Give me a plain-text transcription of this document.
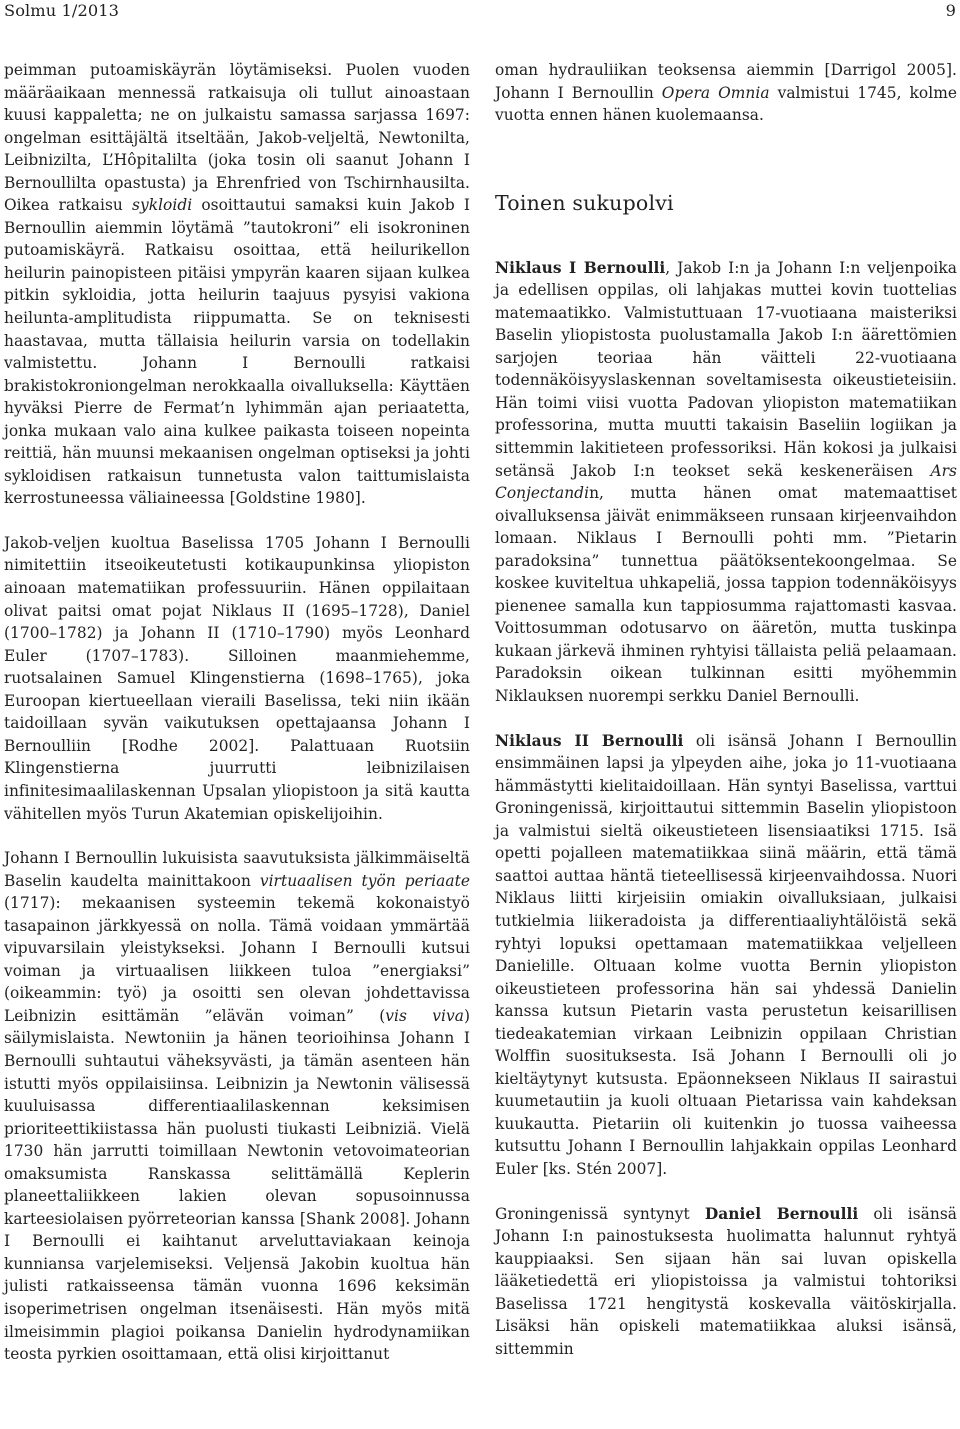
Solmu 1/2013	9

peimman putoamiskäyrän löytämiseksi. Puolen vuoden määräaikaan mennessä ratkaisuja oli tullut ainoastaan kuusi kappaletta; ne on julkaistu samassa sarjassa 1697: ongelman esittäjältä itseltään, Jakob-veljeltä, Newtonilta, Leibnizilta, L’Hôpitalilta (joka tosin oli saanut Johann I Bernoullilta opastusta) ja Ehrenfried von Tschirnhausilta. Oikea ratkaisu sykloidi osoittautui samaksi kuin Jakob I Bernoullin aiemmin löytämä ”tautokroni” eli isokroninen putoamiskäyrä. Ratkaisu osoittaa, että heilurikellon heilurin painopisteen pitäisi ympyrän kaaren sijaan kulkea pitkin sykloidia, jotta heilurin taajuus pysyisi vakiona heilunta-amplitudista riippumatta. Se on teknisesti haastavaa, mutta tällaisia heilurin varsia on todellakin valmistettu. Johann I Bernoulli ratkaisi brakistokroniongelman nerokkaalla oivalluksella: Käyttäen hyväksi Pierre de Fermat’n lyhimmän ajan periaatetta, jonka mukaan valo aina kulkee paikasta toiseen nopeinta reittiä, hän muunsi mekaanisen ongelman optiseksi ja johti sykloidisen ratkaisun tunnetusta valon taittumislaista kerrostuneessa väliaineessa [Goldstine 1980].

Jakob-veljen kuoltua Baselissa 1705 Johann I Bernoulli nimitettiin itseoikeutetusti kotikaupunkinsa yliopiston ainoaan matematiikan professuuriin. Hänen oppilaitaan olivat paitsi omat pojat Niklaus II (1695–1728), Daniel (1700–1782) ja Johann II (1710–1790) myös Leonhard Euler (1707–1783). Silloinen maanmiehemme, ruotsalainen Samuel Klingenstierna (1698–1765), joka Euroopan kiertueellaan vieraili Baselissa, teki niin ikään taidoillaan syvän vaikutuksen opettajaansa Johann I Bernoulliin [Rodhe 2002]. Palattuaan Ruotsiin Klingenstierna juurrutti leibnizilaisen infinitesimaalilaskennan Upsalan yliopistoon ja sitä kautta vähitellen myös Turun Akatemian opiskelijoihin.

Johann I Bernoullin lukuisista saavutuksista jälkimmäiseltä Baselin kaudelta mainittakoon virtuaalisen työn periaate (1717): mekaanisen systeemin tekemä kokonaistyö tasapainon järkkyessä on nolla. Tämä voidaan ymmärtää vipuvarsilain yleistykseksi. Johann I Bernoulli kutsui voiman ja virtuaalisen liikkeen tuloa ”energiaksi” (oikeammin: työ) ja osoitti sen olevan johdettavissa Leibnizin esittämän ”elävän voiman” (vis viva) säilymislaista. Newtoniin ja hänen teorioihinsa Johann I Bernoulli suhtautui väheksyvästi, ja tämän asenteen hän istutti myös oppilaisiinsa. Leibnizin ja Newtonin välisessä kuuluisassa differentiaalilaskennan keksimisen prioriteettikiistassa hän puolusti tiukasti Leibniziä. Vielä 1730 hän jarrutti toimillaan Newtonin vetovoimateorian omaksumista Ranskassa selittämällä Keplerin planeettaliikkeen lakien olevan sopusoinnussa karteesiolaisen pyörreteorian kanssa [Shank 2008]. Johann I Bernoulli ei kaihtanut arveluttaviakaan keinoja kunniansa varjelemiseksi. Veljensä Jakobin kuoltua hän julisti ratkaisseensa tämän vuonna 1696 keksimän isoperimetrisen ongelman itsenäisesti. Hän myös mitä ilmeisimmin plagioi poikansa Danielin hydrodynamiikan teosta pyrkien osoittamaan, että olisi kirjoittanut

oman hydrauliikan teoksensa aiemmin [Darrigol 2005]. Johann I Bernoullin Opera Omnia valmistui 1745, kolme vuotta ennen hänen kuolemaansa.

Toinen sukupolvi

Niklaus I Bernoulli, Jakob I:n ja Johann I:n veljenpoika ja edellisen oppilas, oli lahjakas muttei kovin tuottelias matemaatikko. Valmistuttuaan 17-vuotiaana maisteriksi Baselin yliopistosta puolustamalla Jakob I:n äärettömien sarjojen teoriaa hän väitteli 22-vuotiaana todennäköisyyslaskennan soveltamisesta oikeustieteisiin. Hän toimi viisi vuotta Padovan yliopiston matematiikan professorina, mutta muutti takaisin Baseliin logiikan ja sittemmin lakitieteen professoriksi. Hän kokosi ja julkaisi setänsä Jakob I:n teokset sekä keskeneräisen Ars Conjectandin, mutta hänen omat matemaattiset oivalluksensa jäivät enimmäkseen runsaan kirjeenvaihdon lomaan. Niklaus I Bernoulli pohti mm. ”Pietarin paradoksina” tunnettua päätöksentekoongelmaa. Se koskee kuviteltua uhkapeliä, jossa tappion todennäköisyys pienenee samalla kun tappiosumma rajattomasti kasvaa. Voittosumman odotusarvo on ääretön, mutta tuskinpa kukaan järkevä ihminen ryhtyisi tällaista peliä pelaamaan. Paradoksin oikean tulkinnan esitti myöhemmin Niklauksen nuorempi serkku Daniel Bernoulli.

Niklaus II Bernoulli oli isänsä Johann I Bernoullin ensimmäinen lapsi ja ylpeyden aihe, joka jo 11-vuotiaana hämmästytti kielitaidoillaan. Hän syntyi Baselissa, varttui Groningenissä, kirjoittautui sittemmin Baselin yliopistoon ja valmistui sieltä oikeustieteen lisensiaatiksi 1715. Isä opetti pojalleen matematiikkaa siinä määrin, että tämä saattoi auttaa häntä tieteellisessä kirjeenvaihdossa. Nuori Niklaus liitti kirjeisiin omiakin oivalluksiaan, julkaisi tutkielmia liikeradoista ja differentiaaliyhtälöistä sekä ryhtyi lopuksi opettamaan matematiikkaa veljelleen Danielille. Oltuaan kolme vuotta Bernin yliopiston oikeustieteen professorina hän sai yhdessä Danielin kanssa kutsun Pietarin vasta perustetun keisarillisen tiedeakatemian virkaan Leibnizin oppilaan Christian Wolffin suosituksesta. Isä Johann I Bernoulli oli jo kieltäytynyt kutsusta. Epäonnekseen Niklaus II sairastui kuumetautiin ja kuoli oltuaan Pietarissa vain kahdeksan kuukautta. Pietariin oli kuitenkin jo tuossa vaiheessa kutsuttu Johann I Bernoullin lahjakkain oppilas Leonhard Euler [ks. Stén 2007].

Groningenissä syntynyt Daniel Bernoulli oli isänsä Johann I:n painostuksesta huolimatta halunnut ryhtyä kauppiaaksi. Sen sijaan hän sai luvan opiskella lääketiedettä eri yliopistoissa ja valmistui tohtoriksi Baselissa 1721 hengitystä koskevalla väitöskirjalla. Lisäksi hän opiskeli matematiikkaa aluksi isänsä, sittemmin
